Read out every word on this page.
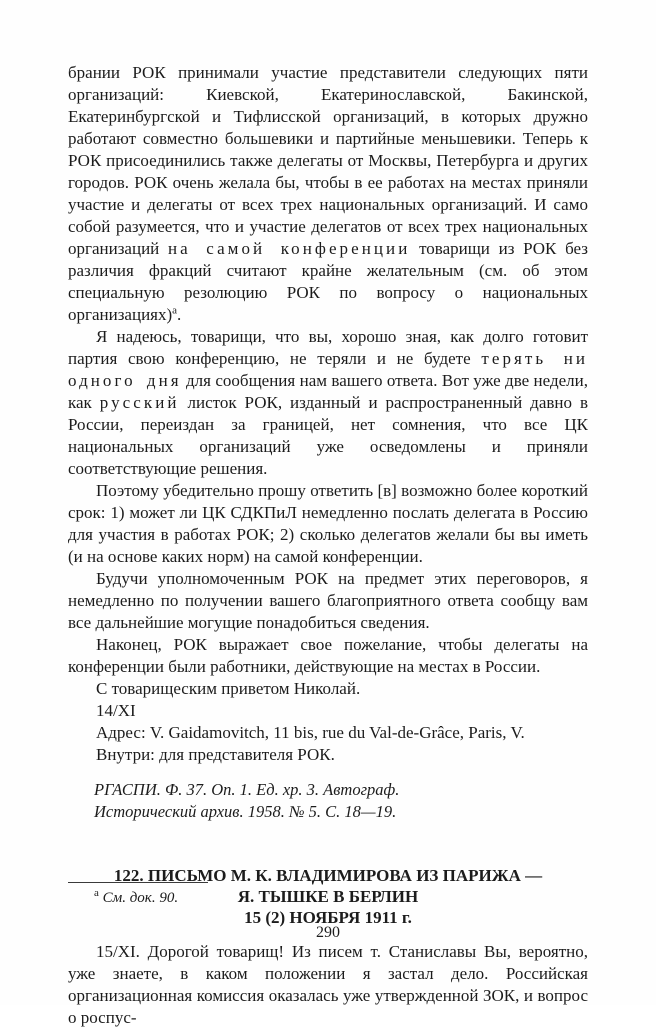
брании РОК принимали участие представители следующих пяти организаций: Киевской, Екатеринославской, Бакинской, Екатеринбургской и Тифлисской организаций, в которых дружно работают совместно большевики и партийные меньшевики. Теперь к РОК присоединились также делегаты от Москвы, Петербурга и других городов. РОК очень желала бы, чтобы в ее работах на местах приняли участие и делегаты от всех трех национальных организаций. И само собой разумеется, что и участие делегатов от всех трех национальных организаций на самой конференции товарищи из РОК без различия фракций считают крайне желательным (см. об этом специальную резолюцию РОК по вопросу о национальных организациях)$^а$.

Я надеюсь, товарищи, что вы, хорошо зная, как долго готовит партия свою конференцию, не теряли и не будете терять ни одного дня для сообщения нам вашего ответа. Вот уже две недели, как русский листок РОК, изданный и распространенный давно в России, переиздан за границей, нет сомнения, что все ЦК национальных организаций уже осведомлены и приняли соответствующие решения.

Поэтому убедительно прошу ответить [в] возможно более короткий срок: 1) может ли ЦК СДКПиЛ немедленно послать делегата в Россию для участия в работах РОК; 2) сколько делегатов желали бы вы иметь (и на основе каких норм) на самой конференции.

Будучи уполномоченным РОК на предмет этих переговоров, я немедленно по получении вашего благоприятного ответа сообщу вам все дальнейшие могущие понадобиться сведения.

Наконец, РОК выражает свое пожелание, чтобы делегаты на конференции были работники, действующие на местах в России.

С товарищеским приветом Николай.

14/XI

Адрес: V. Gaidamovitch, 11 bis, rue du Val-de-Grâce, Paris, V.

Внутри: для представителя РОК.

РГАСПИ. Ф. 37. Оп. 1. Ед. хр. 3. Автограф.
Исторический архив. 1958. № 5. С. 18—19.
122. ПИСЬМО М. К. ВЛАДИМИРОВА ИЗ ПАРИЖА —
Я. ТЫШКЕ В БЕРЛИН
15 (2) НОЯБРЯ 1911 г.

15/XI. Дорогой товарищ! Из писем т. Станиславы Вы, вероятно, уже знаете, в каком положении я застал дело. Российская организационная комиссия оказалась уже утвержденной ЗОК, и вопрос о роспус-

$^а$ См. док. 90.

290
